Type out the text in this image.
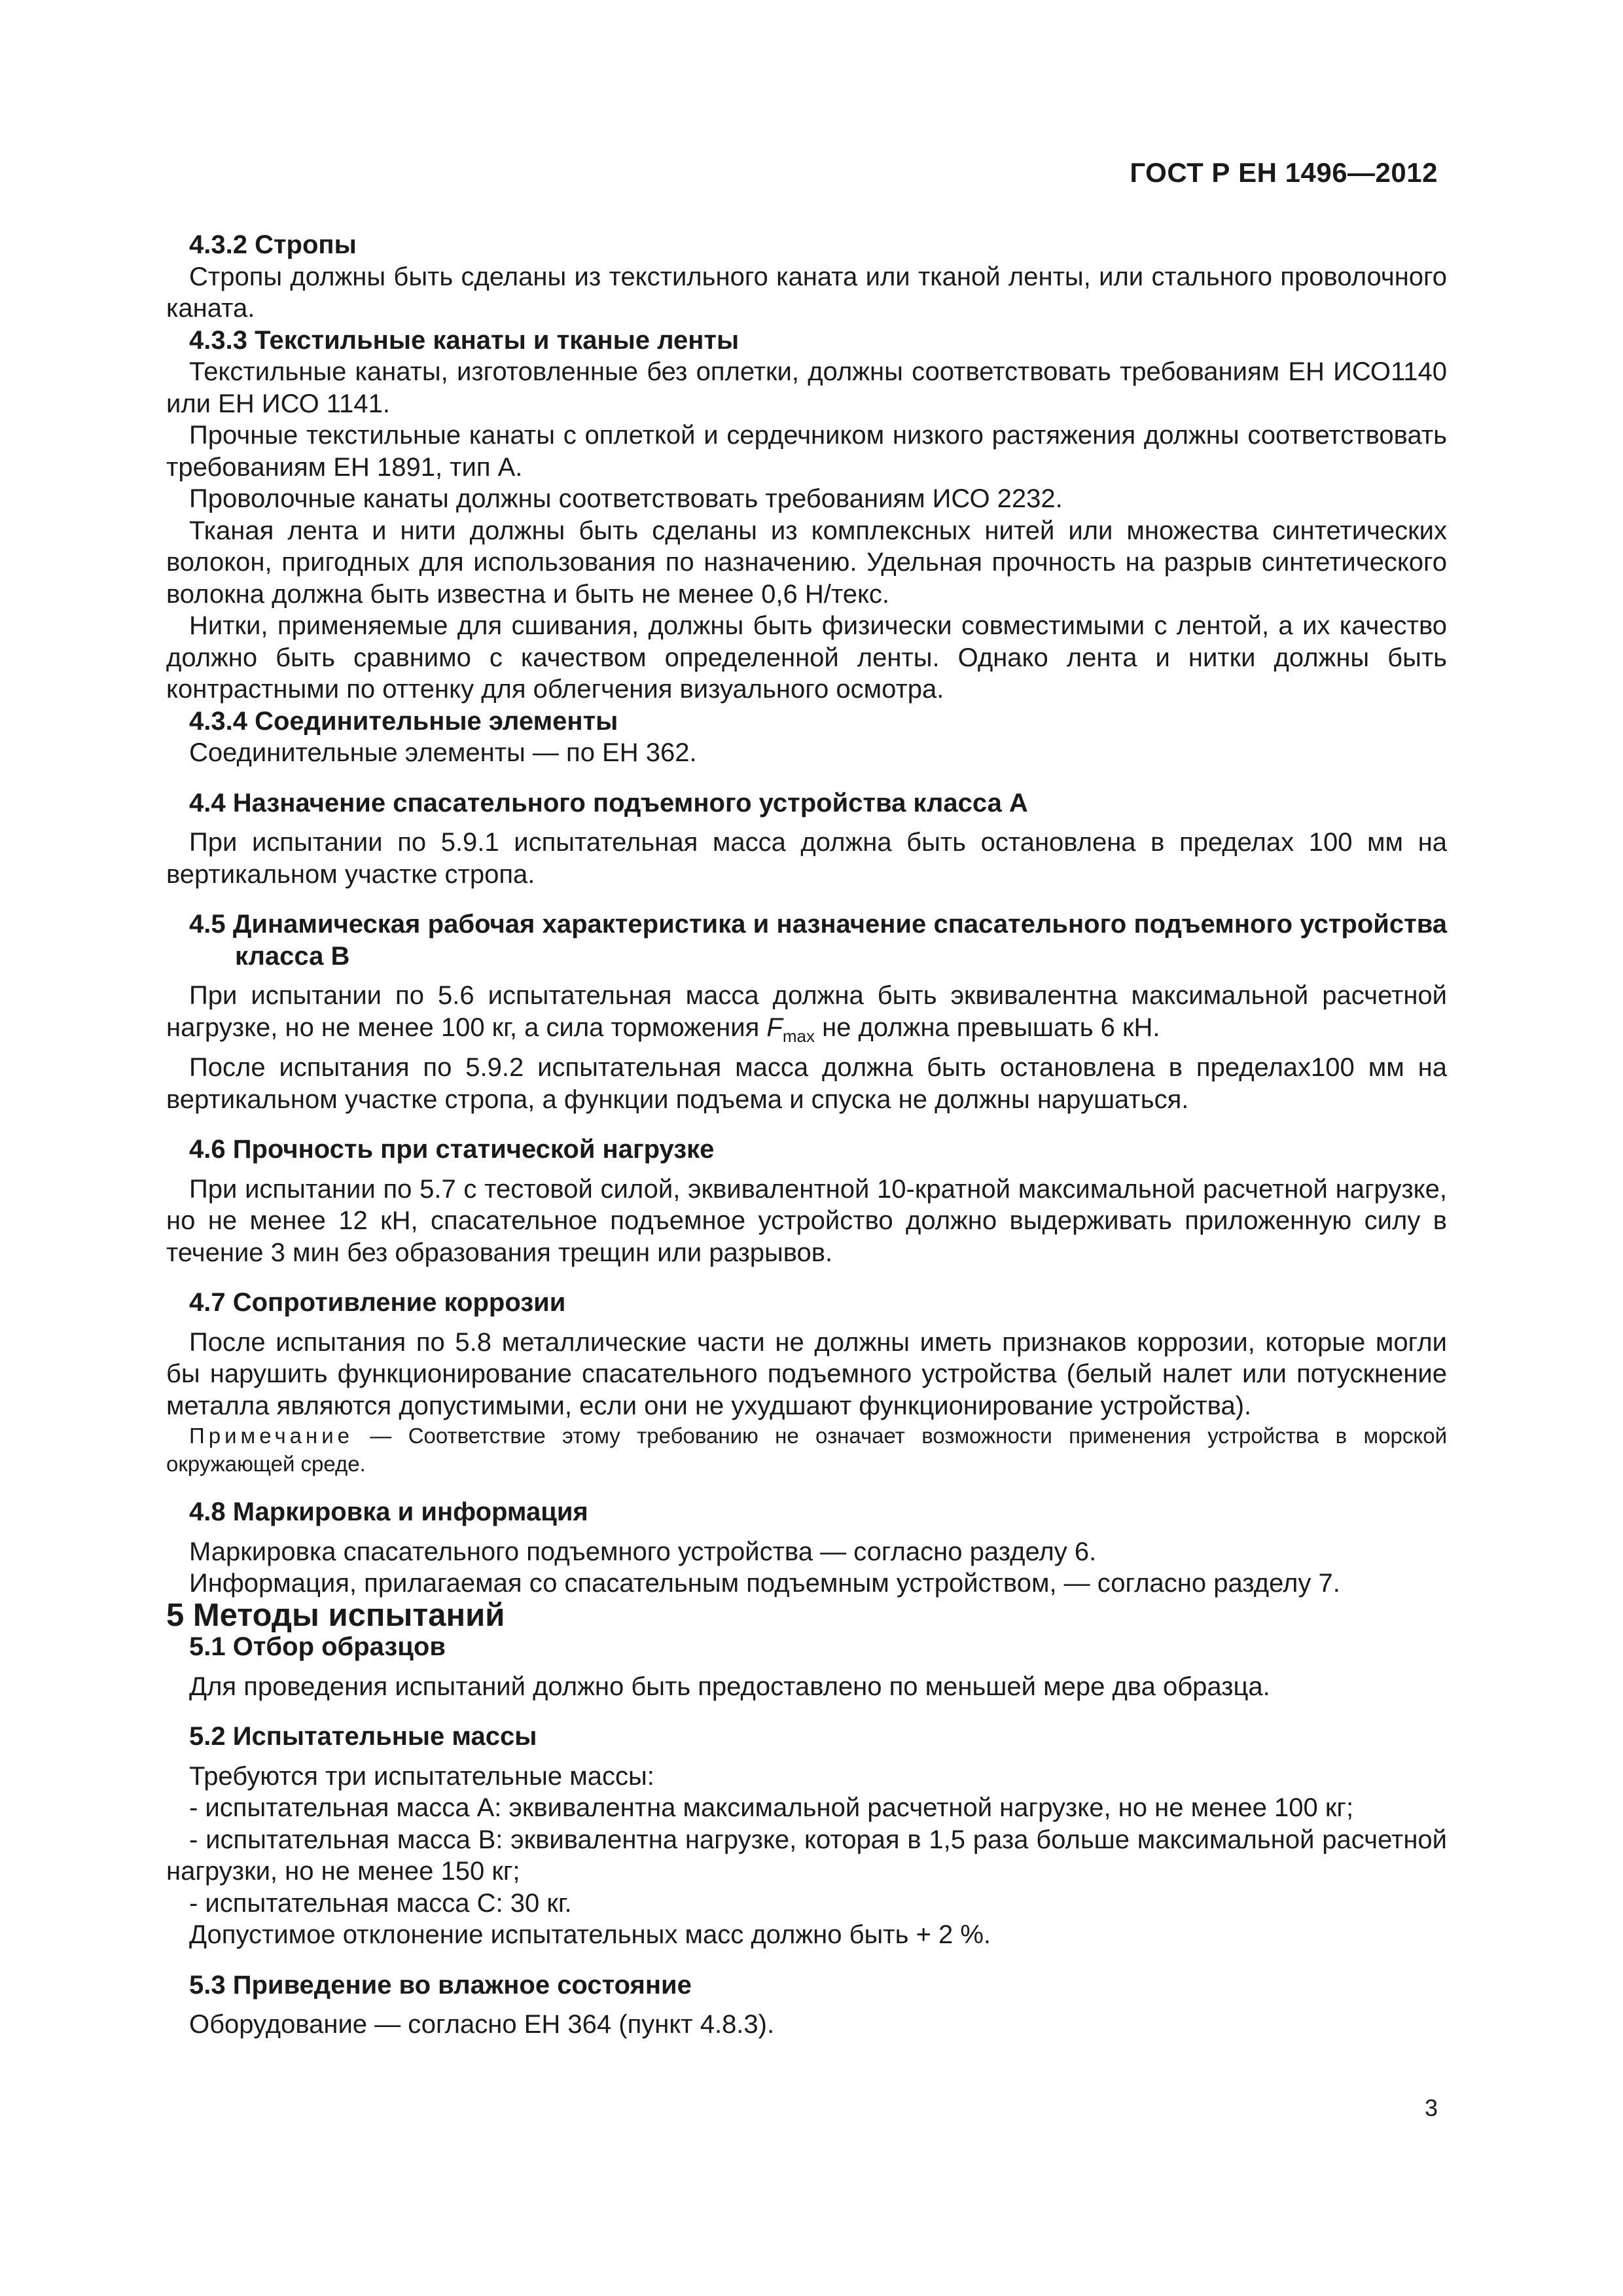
ГОСТ Р ЕН 1496—2012

4.3.2 Стропы

Стропы должны быть сделаны из текстильного каната или тканой ленты, или стального проволочного каната.

4.3.3 Текстильные канаты и тканые ленты

Текстильные канаты, изготовленные без оплетки, должны соответствовать требованиям ЕН ИСО1140 или ЕН ИСО 1141.

Прочные текстильные канаты с оплеткой и сердечником низкого растяжения должны соответствовать требованиям ЕН 1891, тип А.

Проволочные канаты должны соответствовать требованиям ИСО 2232.

Тканая лента и нити должны быть сделаны из комплексных нитей или множества синтетических волокон, пригодных для использования по назначению. Удельная прочность на разрыв синтетического волокна должна быть известна и быть не менее 0,6 Н/текс.

Нитки, применяемые для сшивания, должны быть физически совместимыми с лентой, а их качество должно быть сравнимо с качеством определенной ленты. Однако лента и нитки должны быть контрастными по оттенку для облегчения визуального осмотра.

4.3.4 Соединительные элементы

Соединительные элементы — по ЕН 362.

4.4 Назначение спасательного подъемного устройства класса А

При испытании по 5.9.1 испытательная масса должна быть остановлена в пределах 100 мм на вертикальном участке стропа.

4.5 Динамическая рабочая характеристика и назначение спасательного подъемного устройства класса В

При испытании по 5.6 испытательная масса должна быть эквивалентна максимальной расчетной нагрузке, но не менее 100 кг, а сила торможения $F_{max}$ не должна превышать 6 кН.

После испытания по 5.9.2 испытательная масса должна быть остановлена в пределах100 мм на вертикальном участке стропа, а функции подъема и спуска не должны нарушаться.

4.6 Прочность при статической нагрузке

При испытании по 5.7 с тестовой силой, эквивалентной 10-кратной максимальной расчетной нагрузке, но не менее 12 кН, спасательное подъемное устройство должно выдерживать приложенную силу в течение 3 мин без образования трещин или разрывов.

4.7 Сопротивление коррозии

После испытания по 5.8 металлические части не должны иметь признаков коррозии, которые могли бы нарушить функционирование спасательного подъемного устройства (белый налет или потускнение металла являются допустимыми, если они не ухудшают функционирование устройства).

Примечание — Соответствие этому требованию не означает возможности применения устройства в морской окружающей среде.

4.8 Маркировка и информация

Маркировка спасательного подъемного устройства — согласно разделу 6.

Информация, прилагаемая со спасательным подъемным устройством, — согласно разделу 7.

5 Методы испытаний

5.1 Отбор образцов

Для проведения испытаний должно быть предоставлено по меньшей мере два образца.

5.2 Испытательные массы

Требуются три испытательные массы:

- испытательная масса А: эквивалентна максимальной расчетной нагрузке, но не менее 100 кг;

- испытательная масса В: эквивалентна нагрузке, которая в 1,5 раза больше максимальной расчетной нагрузки, но не менее 150 кг;

- испытательная масса С: 30 кг.

Допустимое отклонение испытательных масс должно быть + 2 %.

5.3 Приведение во влажное состояние

Оборудование — согласно ЕН 364 (пункт 4.8.3).

3
